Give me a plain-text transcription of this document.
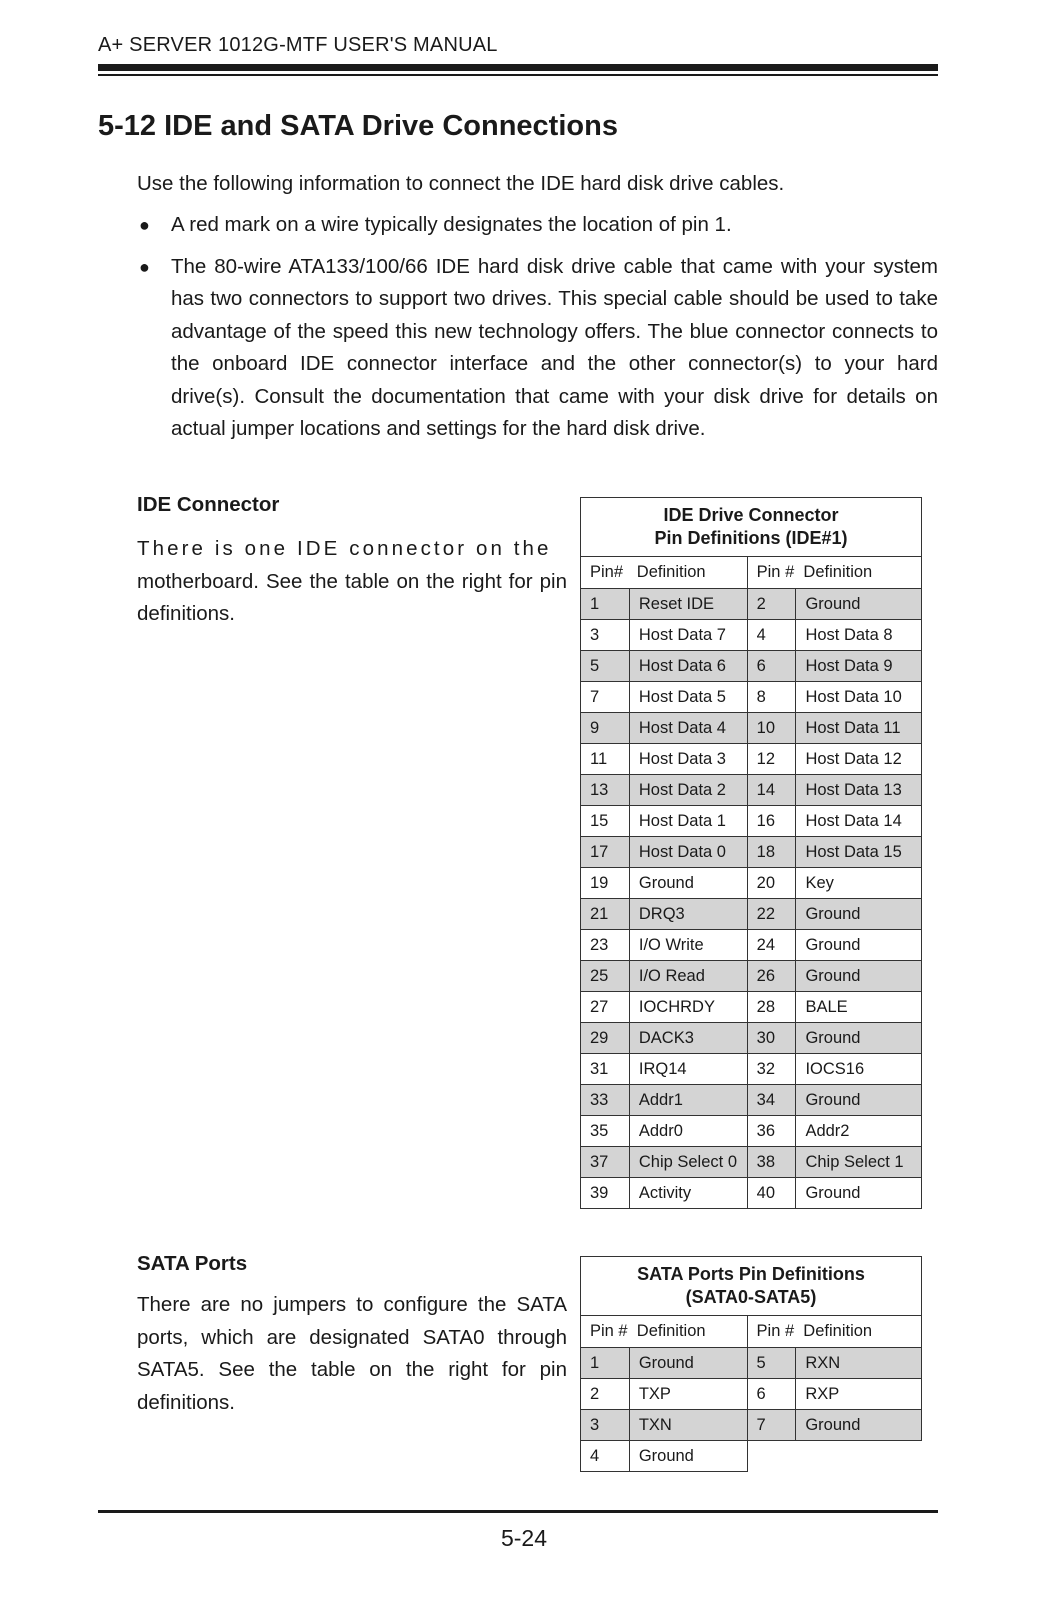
A+ SERVER 1012G-MTF USER'S MANUAL
5-12 IDE and SATA Drive Connections
Use the following information to connect the IDE hard disk drive cables.
● A red mark on a wire typically designates the location of pin 1.
● The 80-wire ATA133/100/66 IDE hard disk drive cable that came with your system has two connectors to support two drives. This special cable should be used to take advantage of the speed this new technology offers. The blue connector connects to the onboard IDE connector interface and the other connector(s) to your hard drive(s). Consult the documentation that came with your disk drive for details on actual jumper locations and settings for the hard disk drive.
IDE Connector
There is one IDE connector on the
motherboard. See the table on the right for pin definitions.
IDE Drive Connector
Pin Definitions (IDE#1)			

Pin# Definition		Pin # Definition	
1	Reset IDE	2	Ground
3	Host Data 7	4	Host Data 8
5	Host Data 6	6	Host Data 9
7	Host Data 5	8	Host Data 10
9	Host Data 4	10	Host Data 11
11	Host Data 3	12	Host Data 12
13	Host Data 2	14	Host Data 13
15	Host Data 1	16	Host Data 14
17	Host Data 0	18	Host Data 15
19	Ground	20	Key
21	DRQ3	22	Ground
23	I/O Write	24	Ground
25	I/O Read	26	Ground
27	IOCHRDY	28	BALE
29	DACK3	30	Ground
31	IRQ14	32	IOCS16
33	Addr1	34	Ground
35	Addr0	36	Addr2
37	Chip Select 0	38	Chip Select 1
39	Activity	40	Ground
SATA Ports
There are no jumpers to configure the SATA ports, which are designated SATA0 through SATA5. See the table on the right for pin definitions.
SATA Ports Pin Definitions
(SATA0-SATA5)			

Pin #  Definition		Pin #  Definition	
1	Ground	5	RXN
2	TXP	6	RXP
3	TXN	7	Ground
4	Ground		
5-24
